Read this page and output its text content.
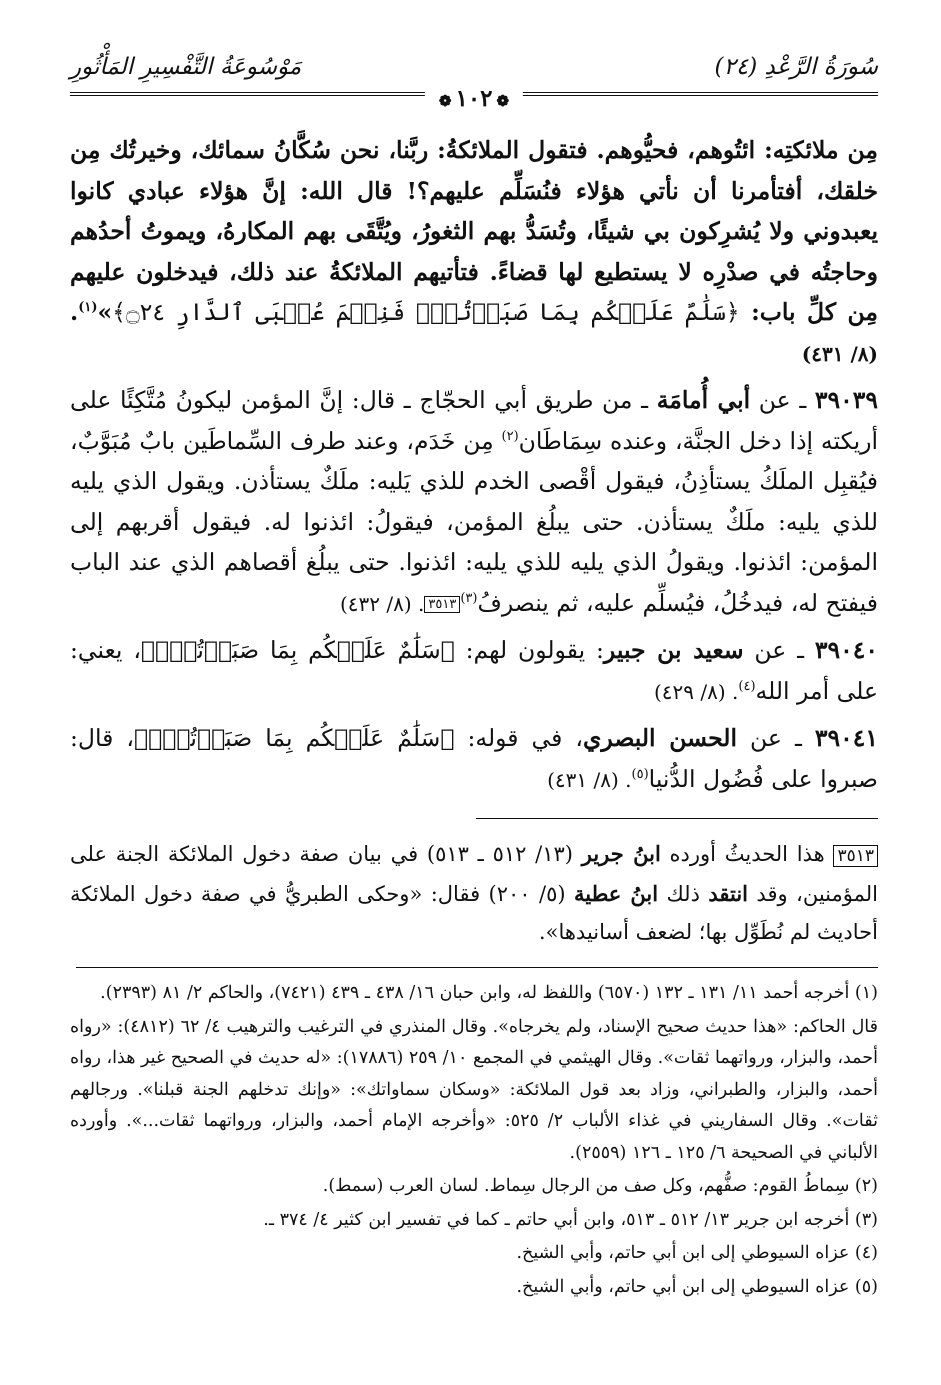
سُورَةُ الرَّعْدِ (٢٤)
مَوْسُوعَةُ التَّفْسِيرِ المَأْثُورِ
❁١٠٢❁

مِن ملائكتِه: ائتُوهم، فحيُّوهم. فتقول الملائكةُ: ربَّنا، نحن سُكَّانُ سمائك، وخيرتُك مِن خلقك، أفتأمرنا أن نأتي هؤلاء فنُسَلِّم عليهم؟! قال الله: إنَّ هؤلاء عبادي كانوا يعبدوني ولا يُشرِكون بي شيئًا، وتُسَدُّ بهم الثغورُ، ويُتَّقَى بهم المكارهُ، ويموتُ أحدُهم وحاجتُه في صدْرِه لا يستطيع لها قضاءً. فتأتيهم الملائكةُ عند ذلك، فيدخلون عليهم مِن كلِّ باب: ﴿سَلَٰمٌ عَلَيۡكُم بِمَا صَبَرۡتُمۡۚ فَنِعۡمَ عُقۡبَى ٱلدَّارِ ۝٢٤﴾»$^{(١)}$. (٨/ ٤٣١)

٣٩٠٣٩ ـ عن أبي أُمامَة ـ من طريق أبي الحجّاج ـ قال: إنَّ المؤمن ليكونُ مُتَّكِئًا على أريكته إذا دخل الجنَّة، وعنده سِمَاطَان$^{(٢)}$ مِن خَدَم، وعند طرف السِّماطَين بابٌ مُبَوَّبٌ، فيُقبِل الملَكُ يستأذِنُ، فيقول أقْصى الخدم للذي يَليه: ملَكٌ يستأذن. ويقول الذي يليه للذي يليه: ملَكٌ يستأذن. حتى يبلُغ المؤمن، فيقولُ: ائذنوا له. فيقول أقربهم إلى المؤمن: ائذنوا. ويقولُ الذي يليه للذي يليه: ائذنوا. حتى يبلُغ أقصاهم الذي عند الباب فيفتح له، فيدخُلُ، فيُسلِّم عليه، ثم ينصرفُ$^{(٣)٣٥١٣}$. (٨/ ٤٣٢)

٣٩٠٤٠ ـ عن سعيد بن جبير: يقولون لهم: ﴿سَلَٰمٌ عَلَيۡكُم بِمَا صَبَرۡتُمۡۚ﴾، يعني: على أمر الله$^{(٤)}$. (٨/ ٤٢٩)

٣٩٠٤١ ـ عن الحسن البصري، في قوله: ﴿سَلَٰمٌ عَلَيۡكُم بِمَا صَبَرۡتُمۡۚ﴾، قال: صبروا على فُضُول الدُّنيا$^{(٥)}$. (٨/ ٤٣١)

٣٥١٣ هذا الحديثُ أورده ابنُ جرير (١٣/ ٥١٢ ـ ٥١٣) في بيان صفة دخول الملائكة الجنة على المؤمنين، وقد انتقد ذلك ابنُ عطية (٥/ ٢٠٠) فقال: «وحكى الطبريُّ في صفة دخول الملائكة أحاديث لم نُطَوِّل بها؛ لضعف أسانيدها».

(١) أخرجه أحمد ١١/ ١٣١ ـ ١٣٢ (٦٥٧٠) واللفظ له، وابن حبان ١٦/ ٤٣٨ ـ ٤٣٩ (٧٤٢١)، والحاكم ٢/ ٨١ (٢٣٩٣).

قال الحاكم: «هذا حديث صحيح الإسناد، ولم يخرجاه». وقال المنذري في الترغيب والترهيب ٤/ ٦٢ (٤٨١٢): «رواه أحمد، والبزار، ورواتهما ثقات». وقال الهيثمي في المجمع ١٠/ ٢٥٩ (١٧٨٨٦): «له حديث في الصحيح غير هذا، رواه أحمد، والبزار، والطبراني، وزاد بعد قول الملائكة: «وسكان سماواتك»: «وإنك تدخلهم الجنة قبلنا». ورجالهم ثقات». وقال السفاريني في غذاء الألباب ٢/ ٥٢٥: «وأخرجه الإمام أحمد، والبزار، ورواتهما ثقات...». وأورده الألباني في الصحيحة ٦/ ١٢٥ ـ ١٢٦ (٢٥٥٩).

(٢) سِماطُ القوم: صفُّهم، وكل صف من الرجال سِماط. لسان العرب (سمط).

(٣) أخرجه ابن جرير ١٣/ ٥١٢ ـ ٥١٣، وابن أبي حاتم ـ كما في تفسير ابن كثير ٤/ ٣٧٤ ـ.

(٤) عزاه السيوطي إلى ابن أبي حاتم، وأبي الشيخ.

(٥) عزاه السيوطي إلى ابن أبي حاتم، وأبي الشيخ.
